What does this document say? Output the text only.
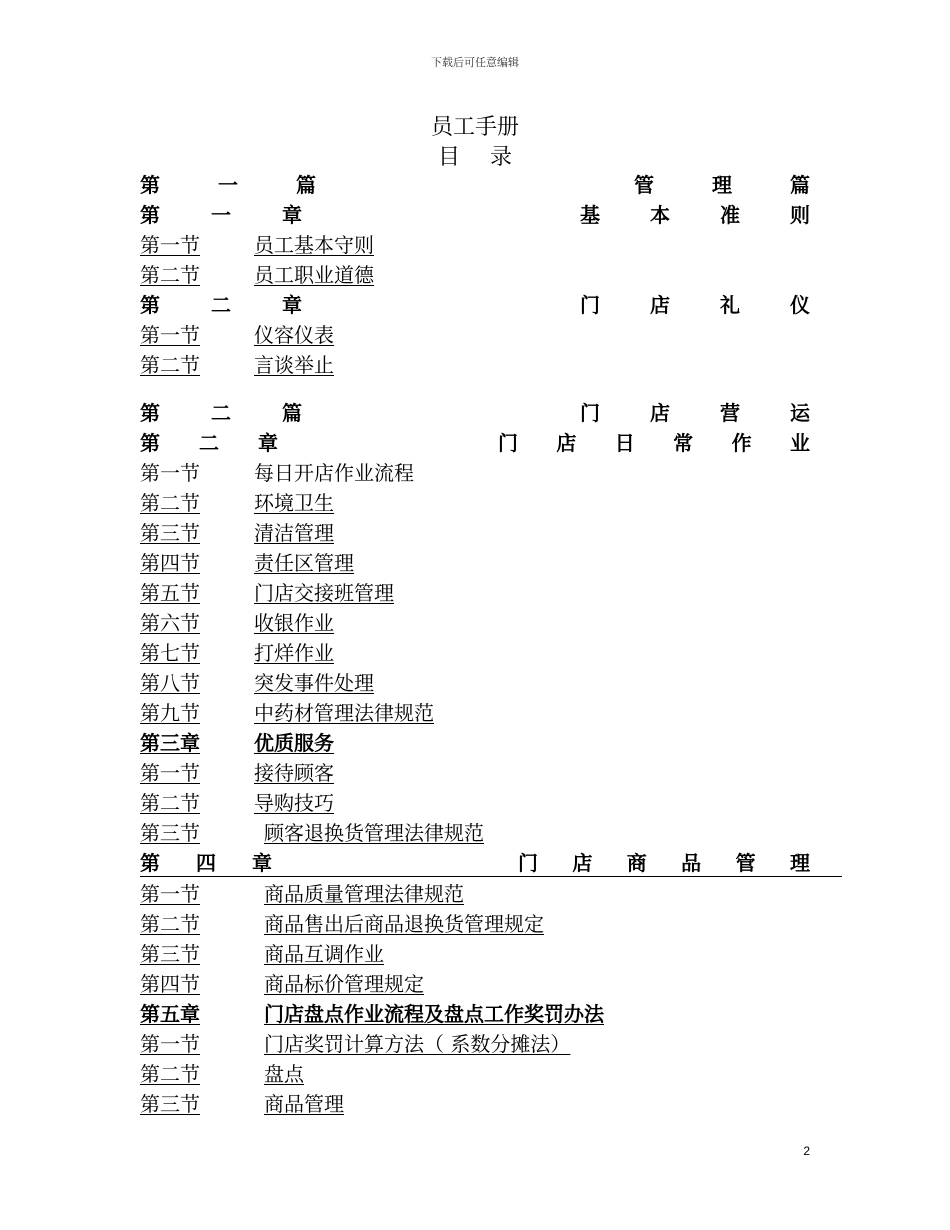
下载后可任意编辑
员工手册
目录
第	一	篇	管	理	篇
第	一	章	基	本	准	则
第一节	员工基本守则
第二节	员工职业道德
第	二	章	门	店	礼	仪
第一节	仪容仪表
第二节	言谈举止
第	二	篇	门	店	营	运
第 二 章	门 店 日 常 作 业
第一节	每日开店作业流程
第二节	环境卫生
第三节	清洁管理
第四节	责任区管理
第五节	门店交接班管理
第六节	收银作业
第七节	打烊作业
第八节	突发事件处理
第九节	中药材管理法律规范
第三章	优质服务
第一节	接待顾客
第二节	导购技巧
第三节	顾客退换货管理法律规范
第 四 章	门 店 商 品 管 理
第一节	商品质量管理法律规范
第二节	商品售出后商品退换货管理规定
第三节	商品互调作业
第四节	商品标价管理规定
第五章	门店盘点作业流程及盘点工作奖罚办法
第一节	门店奖罚计算方法（ 系数分摊法）
第二节	盘点
第三节	商品管理
2
